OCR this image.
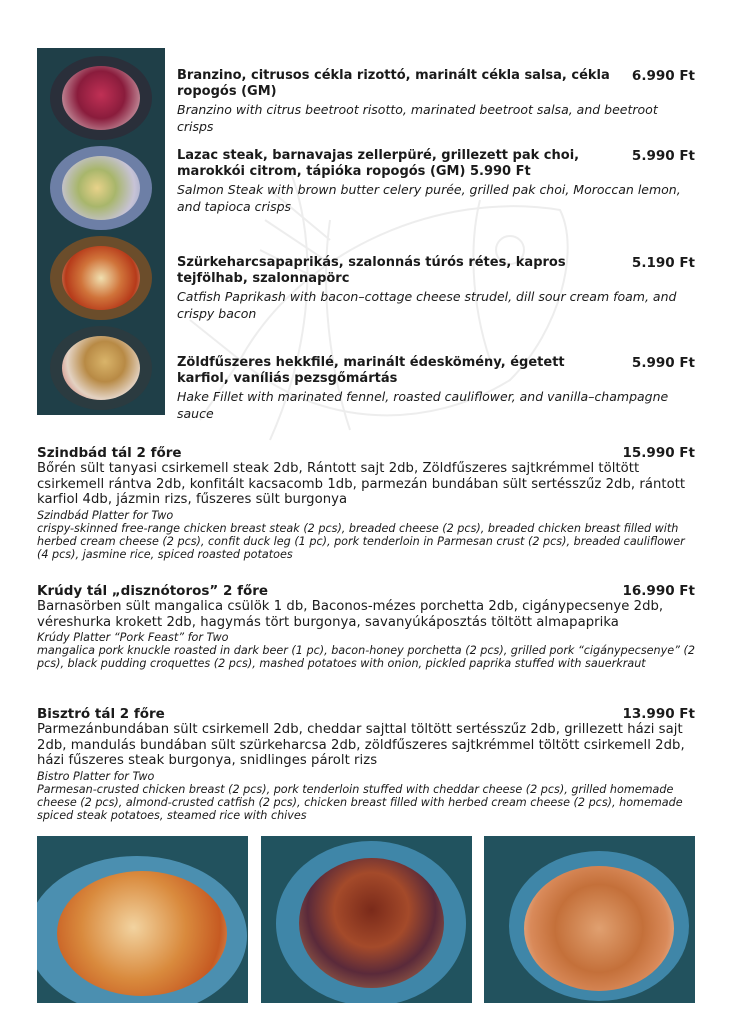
Branzino, citrusos cékla rizottó, marinált cékla salsa, cékla ropogós (GM)
Branzino with citrus beetroot risotto, marinated beetroot salsa, and beetroot crisps
6.990 Ft
Lazac steak, barnavajas zellerpüré, grillezett pak choi, marokkói citrom, tápióka ropogós (GM) 5.990 Ft
Salmon Steak with brown butter celery purée, grilled pak choi, Moroccan lemon, and tapioca crisps
5.990 Ft
Szürkeharcsapaprikás, szalonnás túrós rétes, kapros tejfölhab, szalonnapörc
Catfish Paprikash with bacon–cottage cheese strudel, dill sour cream foam, and crispy bacon
5.190 Ft
Zöldfűszeres hekkfilé, marinált édeskömény, égetett karfiol, vaníliás pezsgőmártás
Hake Fillet with marinated fennel, roasted cauliflower, and vanilla–champagne sauce
5.990 Ft
Szindbád tál 2 főre	15.990 Ft
Bőrén sült tanyasi csirkemell steak 2db, Rántott sajt 2db, Zöldfűszeres sajtkrémmel töltött csirkemell rántva 2db, konfitált kacsacomb 1db, parmezán bundában sült sertésszűz 2db, rántott karfiol 4db, jázmin rizs, fűszeres sült burgonya
Szindbád Platter for Two
crispy-skinned free-range chicken breast steak (2 pcs), breaded cheese (2 pcs), breaded chicken breast filled with herbed cream cheese (2 pcs), confit duck leg (1 pc), pork tenderloin in Parmesan crust (2 pcs), breaded cauliflower (4 pcs), jasmine rice, spiced roasted potatoes
Krúdy tál „disznótoros” 2 főre	16.990 Ft
Barnasörben sült mangalica csülök 1 db, Baconos-mézes porchetta 2db, cigánypecsenye 2db, véreshurka krokett 2db, hagymás tört burgonya, savanyúkáposztás töltött almapaprika
Krúdy Platter “Pork Feast” for Two
mangalica pork knuckle roasted in dark beer (1 pc), bacon-honey porchetta (2 pcs), grilled pork “cigánypecsenye” (2 pcs), black pudding croquettes (2 pcs), mashed potatoes with onion, pickled paprika stuffed with sauerkraut
Bisztró tál 2 főre	13.990 Ft
Parmezánbundában sült csirkemell 2db, cheddar sajttal töltött sertésszűz 2db, grillezett házi sajt 2db, mandulás bundában sült szürkeharcsa 2db, zöldfűszeres sajtkrémmel töltött csirkemell 2db, házi fűszeres steak burgonya, snidlinges párolt rizs
Bistro Platter for Two
Parmesan-crusted chicken breast (2 pcs), pork tenderloin stuffed with cheddar cheese (2 pcs), grilled homemade cheese (2 pcs), almond-crusted catfish (2 pcs), chicken breast filled with herbed cream cheese (2 pcs), homemade spiced steak potatoes, steamed rice with chives
